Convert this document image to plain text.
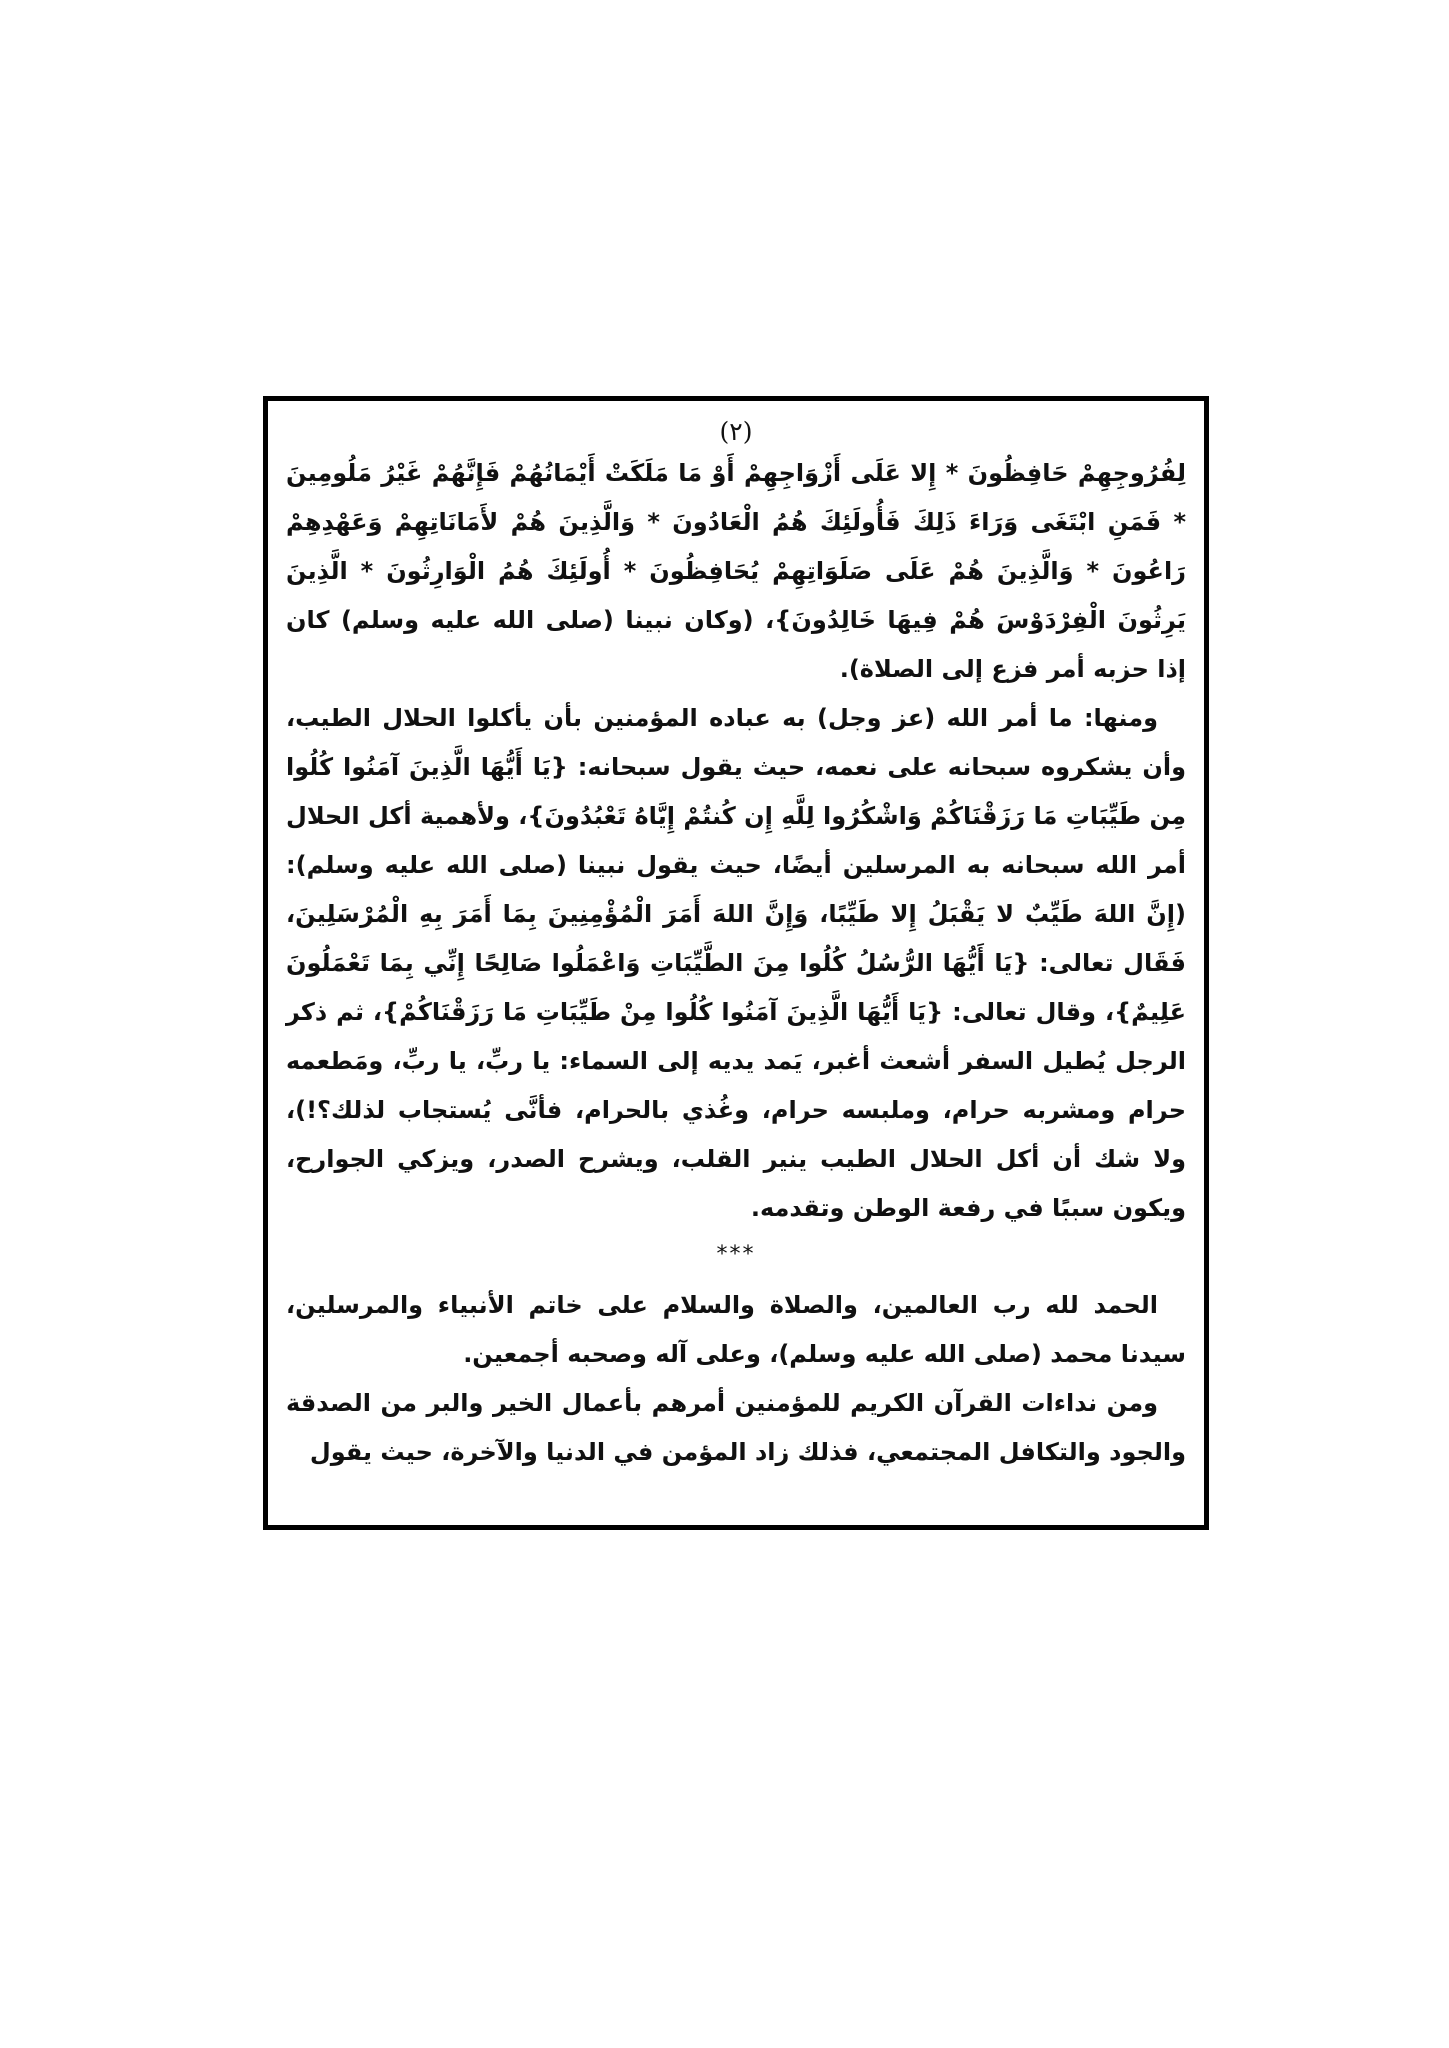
(٢)

لِفُرُوجِهِمْ حَافِظُونَ * إِلا عَلَى أَزْوَاجِهِمْ أَوْ مَا مَلَكَتْ أَيْمَانُهُمْ فَإِنَّهُمْ غَيْرُ مَلُومِينَ * فَمَنِ ابْتَغَى وَرَاءَ ذَلِكَ فَأُولَئِكَ هُمُ الْعَادُونَ * وَالَّذِينَ هُمْ لأَمَانَاتِهِمْ وَعَهْدِهِمْ رَاعُونَ * وَالَّذِينَ هُمْ عَلَى صَلَوَاتِهِمْ يُحَافِظُونَ * أُولَئِكَ هُمُ الْوَارِثُونَ * الَّذِينَ يَرِثُونَ الْفِرْدَوْسَ هُمْ فِيهَا خَالِدُونَ}، (وكان نبينا (صلى الله عليه وسلم) كان إذا حزبه أمر فزع إلى الصلاة).

ومنها: ما أمر الله (عز وجل) به عباده المؤمنين بأن يأكلوا الحلال الطيب، وأن يشكروه سبحانه على نعمه، حيث يقول سبحانه: {يَا أَيُّهَا الَّذِينَ آمَنُوا كُلُوا مِن طَيِّبَاتِ مَا رَزَقْنَاكُمْ وَاشْكُرُوا لِلَّهِ إِن كُنتُمْ إِيَّاهُ تَعْبُدُونَ}، ولأهمية أكل الحلال أمر الله سبحانه به المرسلين أيضًا، حيث يقول نبينا (صلى الله عليه وسلم): (إِنَّ اللهَ طَيِّبٌ لا يَقْبَلُ إِلا طَيِّبًا، وَإِنَّ اللهَ أَمَرَ الْمُؤْمِنِينَ بِمَا أَمَرَ بِهِ الْمُرْسَلِينَ، فَقَال تعالى: {يَا أَيُّهَا الرُّسُلُ كُلُوا مِنَ الطَّيِّبَاتِ وَاعْمَلُوا صَالِحًا إِنِّي بِمَا تَعْمَلُونَ عَلِيمٌ}، وقال تعالى: {يَا أَيُّهَا الَّذِينَ آمَنُوا كُلُوا مِنْ طَيِّبَاتِ مَا رَزَقْنَاكُمْ}، ثم ذكر الرجل يُطيل السفر أشعث أغبر، يَمد يديه إلى السماء: يا ربِّ، يا ربِّ، ومَطعمه حرام ومشربه حرام، وملبسه حرام، وغُذي بالحرام، فأنَّى يُستجاب لذلك؟!)، ولا شك أن أكل الحلال الطيب ينير القلب، ويشرح الصدر، ويزكي الجوارح، ويكون سببًا في رفعة الوطن وتقدمه.

***

الحمد لله رب العالمين، والصلاة والسلام على خاتم الأنبياء والمرسلين، سيدنا محمد (صلى الله عليه وسلم)، وعلى آله وصحبه أجمعين.

ومن نداءات القرآن الكريم للمؤمنين أمرهم بأعمال الخير والبر من الصدقة والجود والتكافل المجتمعي، فذلك زاد المؤمن في الدنيا والآخرة، حيث يقول
